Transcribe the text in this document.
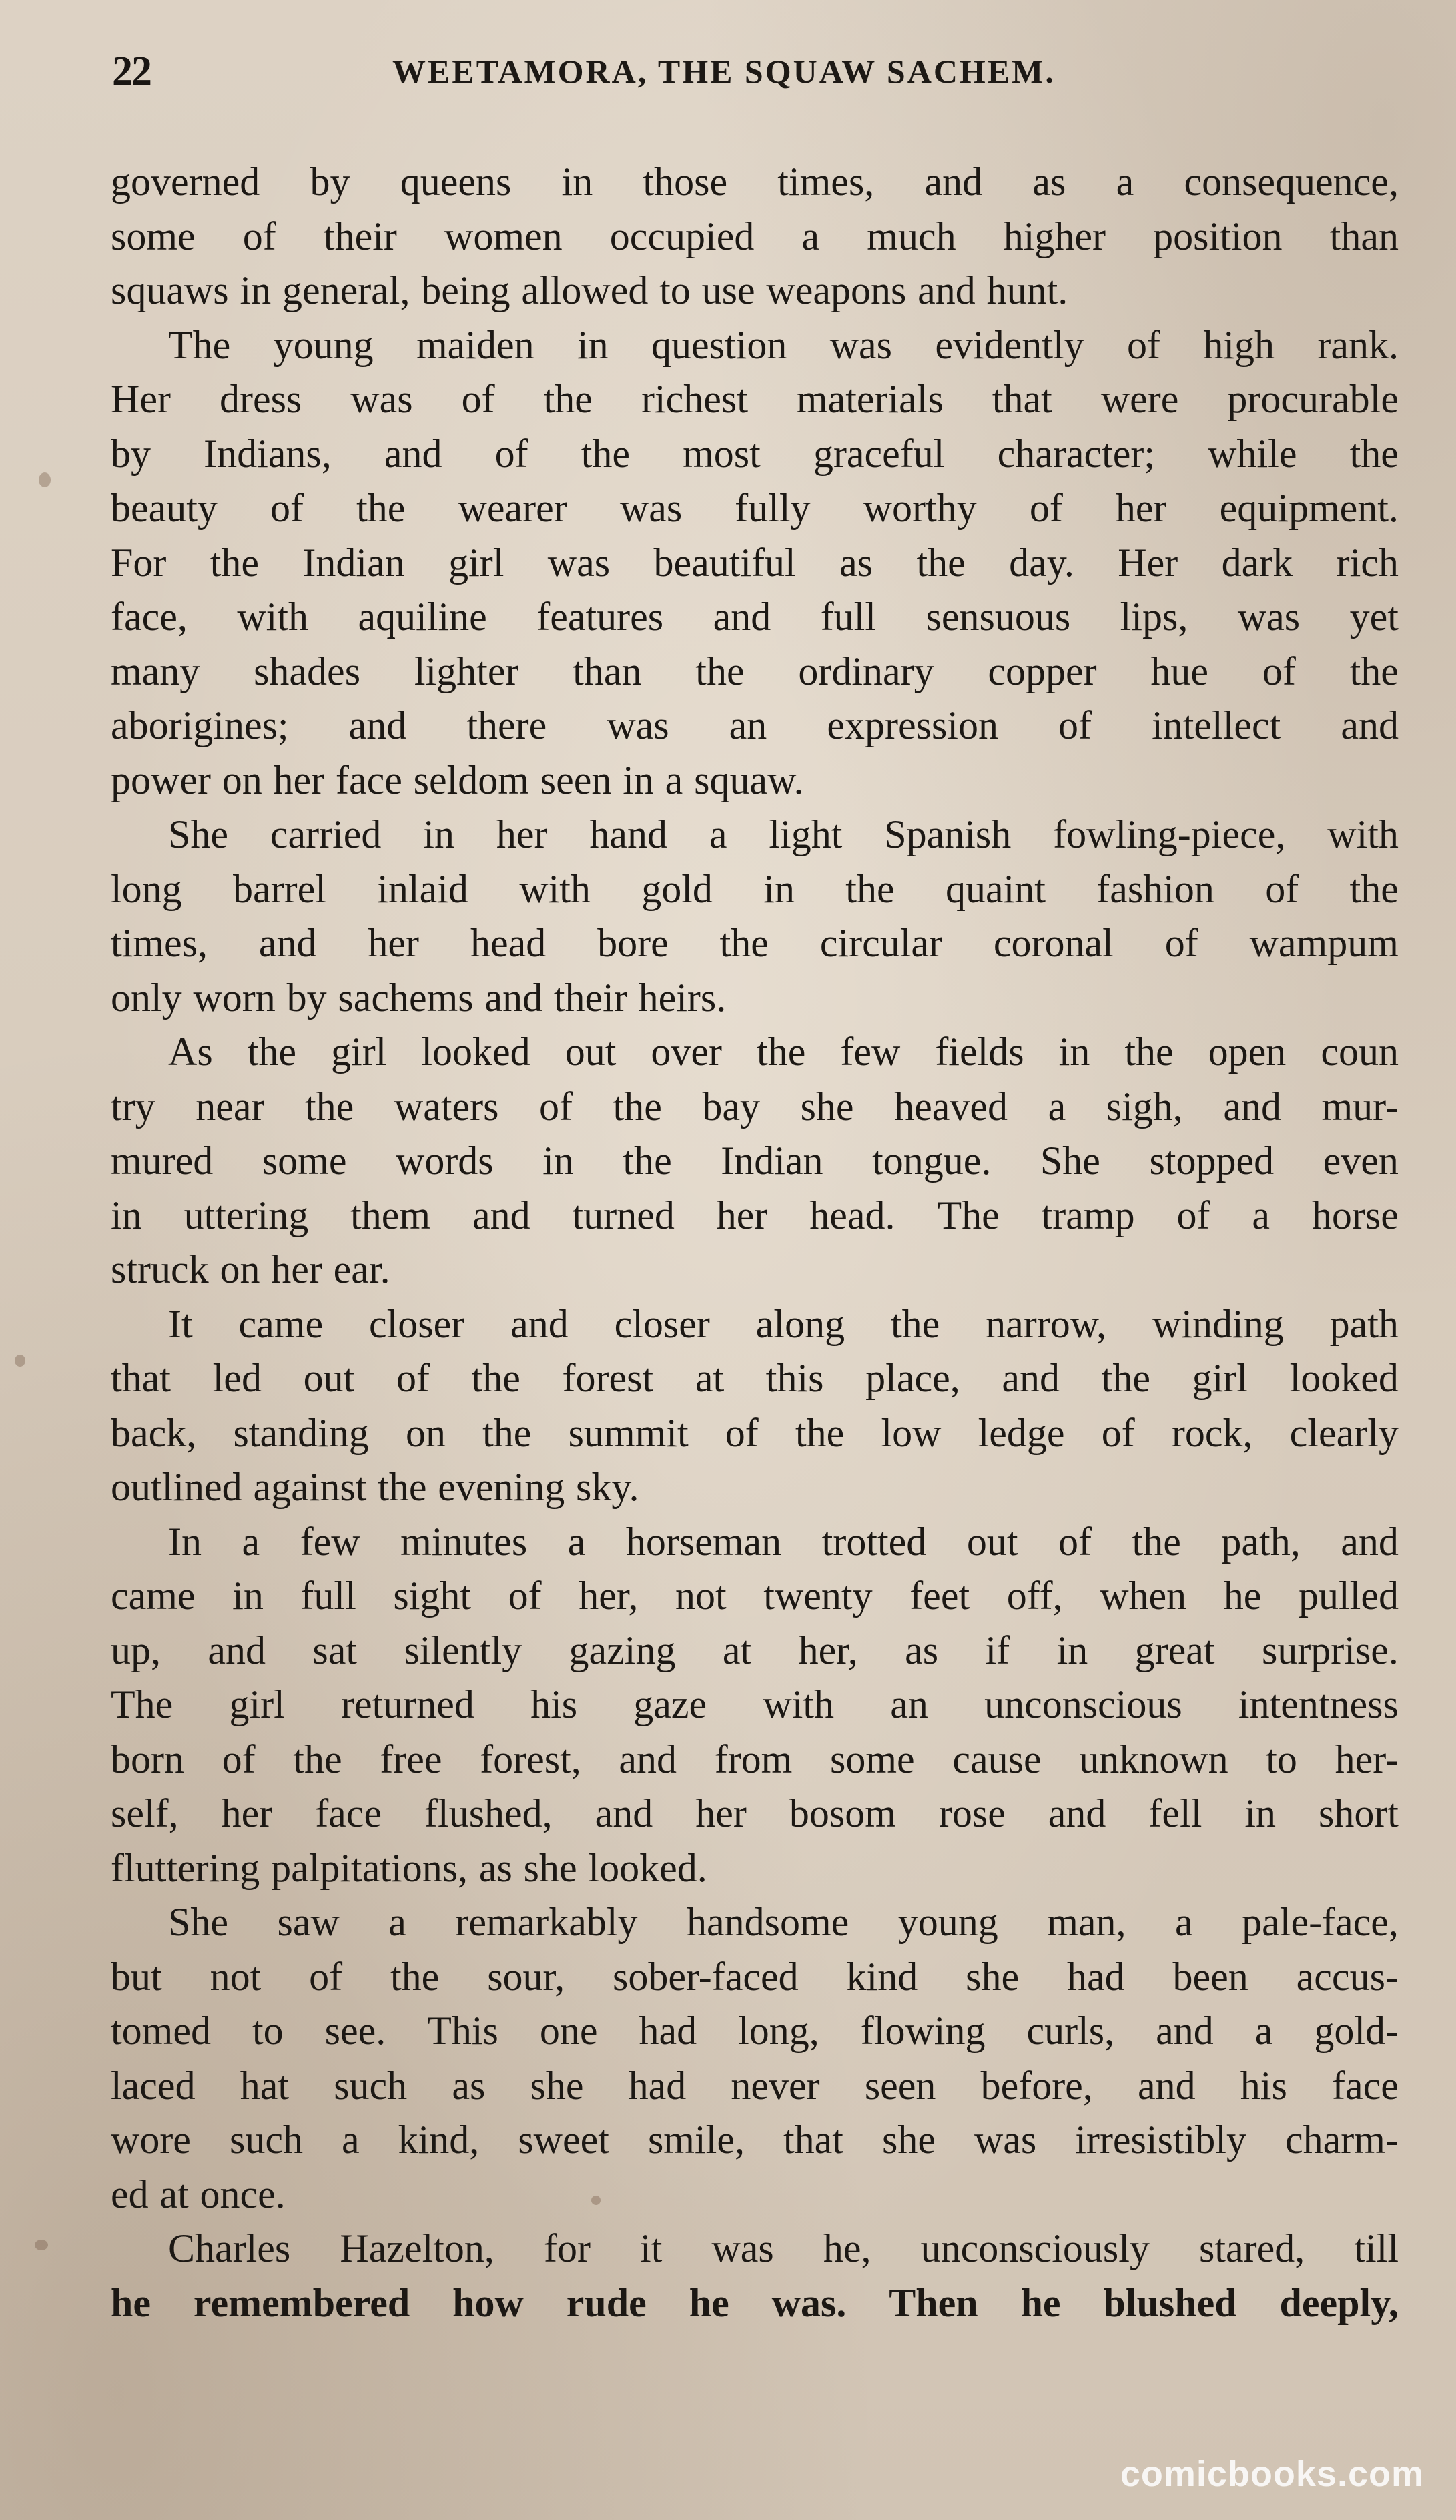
22	WEETAMORA, THE SQUAW SACHEM.
governed by queens in those times, and as a consequence,
some of their women occupied a much higher position than
squaws in general, being allowed to use weapons and hunt.
The young maiden in question was evidently of high rank.
Her dress was of the richest materials that were procurable
by Indians, and of the most graceful character; while the
beauty of the wearer was fully worthy of her equipment.
For the Indian girl was beautiful as the day. Her dark rich
face, with aquiline features and full sensuous lips, was yet
many shades lighter than the ordinary copper hue of the
aborigines; and there was an expression of intellect and
power on her face seldom seen in a squaw.
She carried in her hand a light Spanish fowling-piece, with
long barrel inlaid with gold in the quaint fashion of the
times, and her head bore the circular coronal of wampum
only worn by sachems and their heirs.
As the girl looked out over the few fields in the open coun
try near the waters of the bay she heaved a sigh, and mur-
mured some words in the Indian tongue. She stopped even
in uttering them and turned her head. The tramp of a horse
struck on her ear.
It came closer and closer along the narrow, winding path
that led out of the forest at this place, and the girl looked
back, standing on the summit of the low ledge of rock, clearly
outlined against the evening sky.
In a few minutes a horseman trotted out of the path, and
came in full sight of her, not twenty feet off, when he pulled
up, and sat silently gazing at her, as if in great surprise.
The girl returned his gaze with an unconscious intentness
born of the free forest, and from some cause unknown to her-
self, her face flushed, and her bosom rose and fell in short
fluttering palpitations, as she looked.
She saw a remarkably handsome young man, a pale-face,
but not of the sour, sober-faced kind she had been accus-
tomed to see. This one had long, flowing curls, and a gold-
laced hat such as she had never seen before, and his face
wore such a kind, sweet smile, that she was irresistibly charm-
ed at once.
Charles Hazelton, for it was he, unconsciously stared, till
he remembered how rude he was. Then he blushed deeply,
comicbooks.com
